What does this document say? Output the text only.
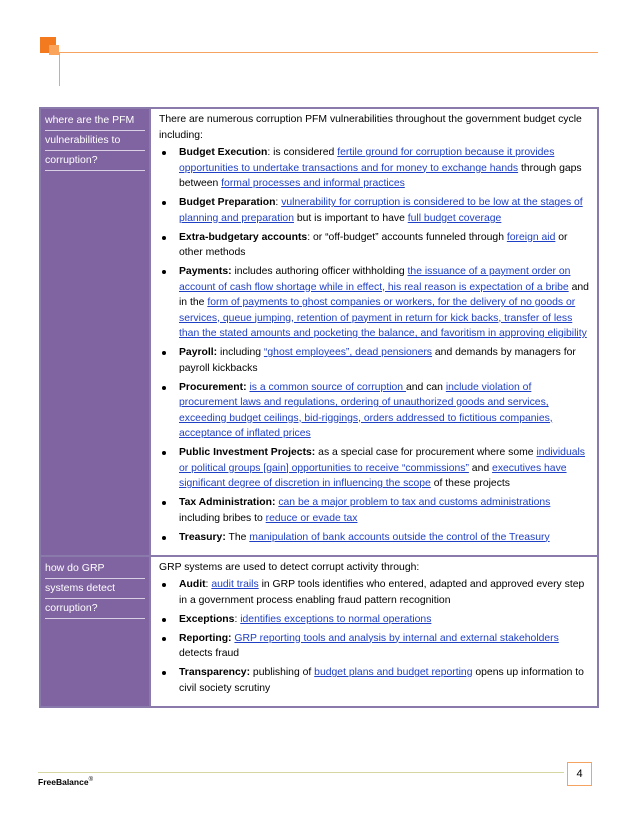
where are the PFM
vulnerabilities to
corruption?

There are numerous corruption PFM vulnerabilities throughout the government budget cycle including:

Budget Execution: is considered fertile ground for corruption because it provides opportunities to undertake transactions and for money to exchange hands through gaps between formal processes and informal practices
Budget Preparation: vulnerability for corruption is considered to be low at the stages of planning and preparation but is important to have full budget coverage
Extra-budgetary accounts: or “off-budget” accounts funneled through foreign aid or other methods
Payments: includes authoring officer withholding the issuance of a payment order on account of cash flow shortage while in effect, his real reason is expectation of a bribe and in the form of payments to ghost companies or workers, for the delivery of no goods or services, queue jumping, retention of payment in return for kick backs, transfer of less than the stated amounts and pocketing the balance, and favoritism in approving eligibility
Payroll: including “ghost employees”, dead pensioners and demands by managers for payroll kickbacks
Procurement: is a common source of corruption and can include violation of procurement laws and regulations, ordering of unauthorized goods and services, exceeding budget ceilings, bid-riggings, orders addressed to fictitious companies, acceptance of inflated prices
Public Investment Projects: as a special case for procurement where some individuals or political groups [gain] opportunities to receive “commissions” and executives have significant degree of discretion in influencing the scope of these projects
Tax Administration: can be a major problem to tax and customs administrations including bribes to reduce or evade tax
Treasury: The manipulation of bank accounts outside the control of the Treasury
how do GRP
systems detect
corruption?

GRP systems are used to detect corrupt activity through:

Audit: audit trails in GRP tools identifies who entered, adapted and approved every step in a government process enabling fraud pattern recognition
Exceptions: identifies exceptions to normal operations
Reporting: GRP reporting tools and analysis by internal and external stakeholders detects fraud
Transparency: publishing of budget plans and budget reporting opens up information to civil society scrutiny
FreeBalance®
4
